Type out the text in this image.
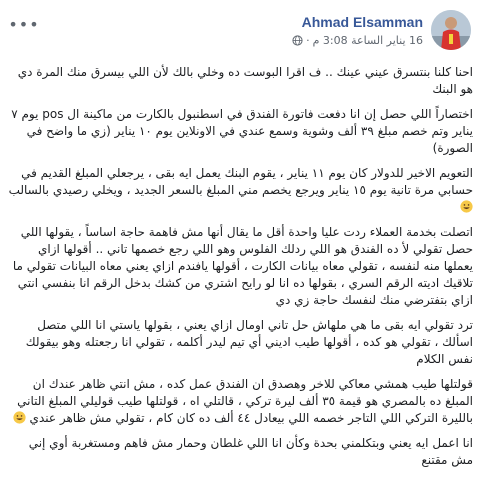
•••	Ahmad Elsamman
16 يناير الساعة 3:08 م
·

احنا كلنا بنتسرق عيني عينك .. ف اقرا البوست ده وخلي بالك لأن اللي بيسرق منك المرة دي هو البنك

اختصاراً اللي حصل إن انا دفعت فاتورة الفندق في اسطنبول بالكارت من ماكينة ال pos يوم ٧ يناير وتم خصم مبلغ ٣٩ ألف وشوية وسمع عندي في الاونلاين يوم ١٠ يناير (زي ما واضح في الصورة)

التعويم الاخير للدولار كان يوم ١١ يناير ، يقوم البنك يعمل ايه بقى ، يرجعلي المبلغ القديم في حسابي مرة تانية يوم ١٥ يناير ويرجع يخصم مني المبلغ بالسعر الجديد ، ويخلي رصيدي بالسالب

اتصلت بخدمة العملاء ردت عليا واحدة أقل ما يقال أنها مش فاهمة حاجة اساساً ، يقولها اللي حصل تقولي لأ ده الفندق هو اللي ردلك الفلوس وهو اللي رجع خصمها تاني .. أقولها ازاي يعملها منه لنفسه ، تقولي معاه بيانات الكارت ، أقولها يافندم ازاي يعني معاه البيانات تقولي ما تلاقيك اديته الرقم السري ، بقولها ده انا لو رايح اشتري من كشك بدخل الرقم انا بنفسي انتي ازاي بتفترضي منك لنفسك حاجة زي دي

ترد تقولي ايه بقى ما هي ملهاش حل تاني اومال ازاي يعني ، بقولها ياستي انا اللي متصل اسألك ، تقولي هو كده ، أقولها طيب اديني أي تيم ليدر أكلمه ، تقولي انا رجعتله وهو بيقولك نفس الكلام

قولتلها طيب همشي معاكي للاخر وهصدق ان الفندق عمل كده ، مش انتي ظاهر عندك ان المبلغ ده بالمصري هو قيمة ٣٥ ألف ليرة تركي ، قالتلي اه ، قولتلها طيب قوليلي المبلغ التاني بالليرة التركي اللي التاجر خصمه اللي بيعادل ٤٤ ألف ده كان كام ، تقولي مش ظاهر عندي

انا اعمل ايه يعني وبتكلمني بحدة وكأن انا اللي غلطان وحمار مش فاهم ومستغربة أوي إني مش مقتنع
